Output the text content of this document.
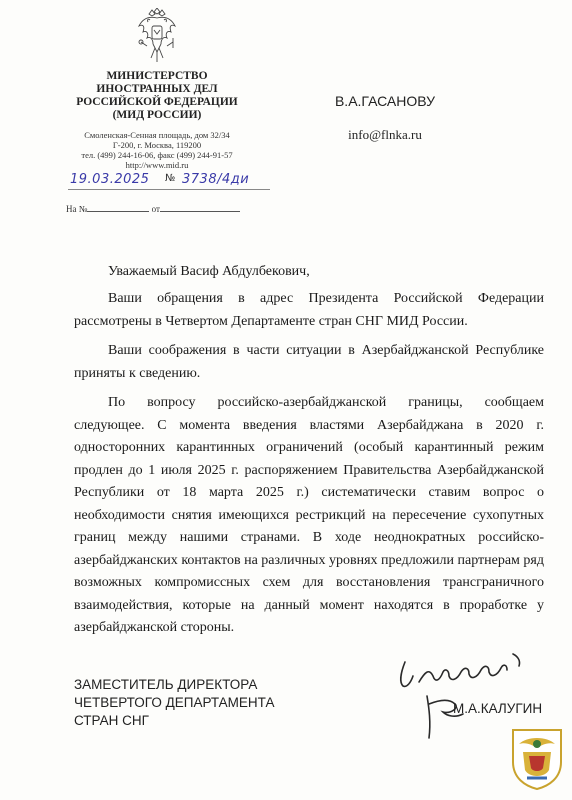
МИНИСТЕРСТВО
ИНОСТРАННЫХ ДЕЛ
РОССИЙСКОЙ ФЕДЕРАЦИИ
(МИД РОССИИ)
Смоленская-Сенная площадь, дом 32/34
Г-200, г. Москва, 119200
тел. (499) 244-16-06, факс (499) 244-91-57
http://www.mid.ru
19.03.2025 № 3738/4ди
На №	от
В.А.ГАСАНОВУ
info@flnka.ru
Уважаемый Васиф Абдулбекович,

Ваши обращения в адрес Президента Российской Федерации рассмотрены в Четвертом Департаменте стран СНГ МИД России.

Ваши соображения в части ситуации в Азербайджанской Республике приняты к сведению.

По вопросу российско-азербайджанской границы, сообщаем следующее. С момента введения властями Азербайджана в 2020 г. односторонних карантинных ограничений (особый карантинный режим продлен до 1 июля 2025 г. распоряжением Правительства Азербайджанской Республики от 18 марта 2025 г.) систематически ставим вопрос о необходимости снятия имеющихся рестрикций на пересечение сухопутных границ между нашими странами. В ходе неоднократных российско-азербайджанских контактов на различных уровнях предложили партнерам ряд возможных компромиссных схем для восстановления трансграничного взаимодействия, которые на данный момент находятся в проработке у азербайджанской стороны.

ЗАМЕСТИТЕЛЬ ДИРЕКТОРА
ЧЕТВЕРТОГО ДЕПАРТАМЕНТА
СТРАН СНГ
М.А.КАЛУГИН
